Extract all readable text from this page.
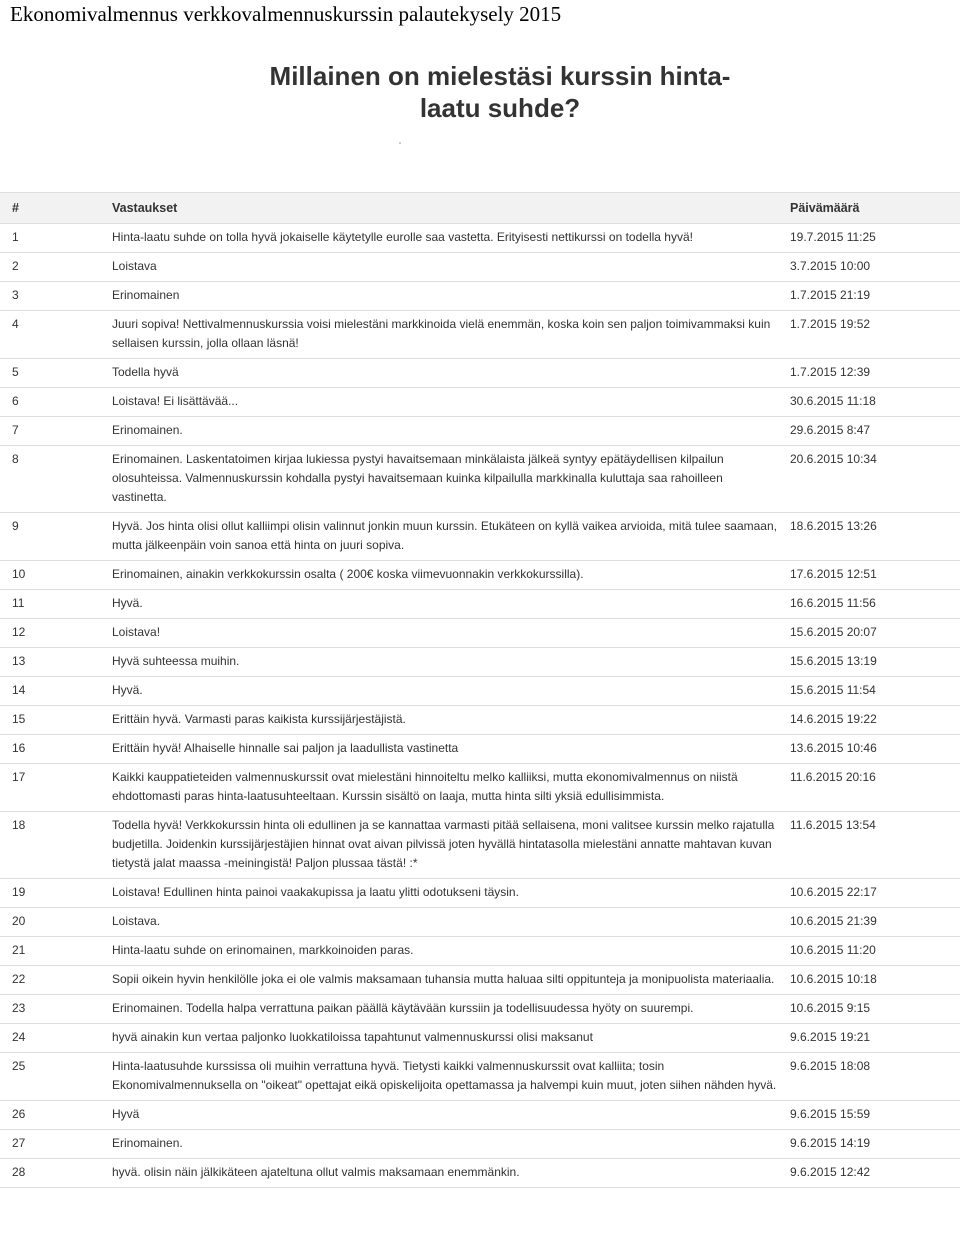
Ekonomivalmennus verkkovalmennuskurssin palautekysely 2015
Millainen on mielestäsi kurssin hinta-
laatu suhde?
#	Vastaukset	Päivämäärä
1	Hinta-laatu suhde on tolla hyvä jokaiselle käytetylle eurolle saa vastetta. Erityisesti nettikurssi on todella hyvä!	19.7.2015 11:25
2	Loistava	3.7.2015 10:00
3	Erinomainen	1.7.2015 21:19
4	Juuri sopiva! Nettivalmennuskurssia voisi mielestäni markkinoida vielä enemmän, koska koin sen paljon toimivammaksi kuin sellaisen kurssin, jolla ollaan läsnä!	1.7.2015 19:52
5	Todella hyvä	1.7.2015 12:39
6	Loistava! Ei lisättävää...	30.6.2015 11:18
7	Erinomainen.	29.6.2015 8:47
8	Erinomainen. Laskentatoimen kirjaa lukiessa pystyi havaitsemaan minkälaista jälkeä syntyy epätäydellisen kilpailun olosuhteissa. Valmennuskurssin kohdalla pystyi havaitsemaan kuinka kilpailulla markkinalla kuluttaja saa rahoilleen vastinetta.	20.6.2015 10:34
9	Hyvä. Jos hinta olisi ollut kalliimpi olisin valinnut jonkin muun kurssin. Etukäteen on kyllä vaikea arvioida, mitä tulee saamaan, mutta jälkeenpäin voin sanoa että hinta on juuri sopiva.	18.6.2015 13:26
10	Erinomainen, ainakin verkkokurssin osalta ( 200€ koska viimevuonnakin verkkokurssilla).	17.6.2015 12:51
11	Hyvä.	16.6.2015 11:56
12	Loistava!	15.6.2015 20:07
13	Hyvä suhteessa muihin.	15.6.2015 13:19
14	Hyvä.	15.6.2015 11:54
15	Erittäin hyvä. Varmasti paras kaikista kurssijärjestäjistä.	14.6.2015 19:22
16	Erittäin hyvä! Alhaiselle hinnalle sai paljon ja laadullista vastinetta	13.6.2015 10:46
17	Kaikki kauppatieteiden valmennuskurssit ovat mielestäni hinnoiteltu melko kalliiksi, mutta ekonomivalmennus on niistä ehdottomasti paras hinta-laatusuhteeltaan. Kurssin sisältö on laaja, mutta hinta silti yksiä edullisimmista.	11.6.2015 20:16
18	Todella hyvä! Verkkokurssin hinta oli edullinen ja se kannattaa varmasti pitää sellaisena, moni valitsee kurssin melko rajatulla budjetilla. Joidenkin kurssijärjestäjien hinnat ovat aivan pilvissä joten hyvällä hintatasolla mielestäni annatte mahtavan kuvan tietystä jalat maassa -meiningistä! Paljon plussaa tästä! :*	11.6.2015 13:54
19	Loistava! Edullinen hinta painoi vaakakupissa ja laatu ylitti odotukseni täysin.	10.6.2015 22:17
20	Loistava.	10.6.2015 21:39
21	Hinta-laatu suhde on erinomainen, markkoinoiden paras.	10.6.2015 11:20
22	Sopii oikein hyvin henkilölle joka ei ole valmis maksamaan tuhansia mutta haluaa silti oppitunteja ja monipuolista materiaalia.	10.6.2015 10:18
23	Erinomainen. Todella halpa verrattuna paikan päällä käytävään kurssiin ja todellisuudessa hyöty on suurempi.	10.6.2015 9:15
24	hyvä ainakin kun vertaa paljonko luokkatiloissa tapahtunut valmennuskurssi olisi maksanut	9.6.2015 19:21
25	Hinta-laatusuhde kurssissa oli muihin verrattuna hyvä. Tietysti kaikki valmennuskurssit ovat kalliita; tosin Ekonomivalmennuksella on "oikeat" opettajat eikä opiskelijoita opettamassa ja halvempi kuin muut, joten siihen nähden hyvä.	9.6.2015 18:08
26	Hyvä	9.6.2015 15:59
27	Erinomainen.	9.6.2015 14:19
28	hyvä. olisin näin jälkikäteen ajateltuna ollut valmis maksamaan enemmänkin.	9.6.2015 12:42
